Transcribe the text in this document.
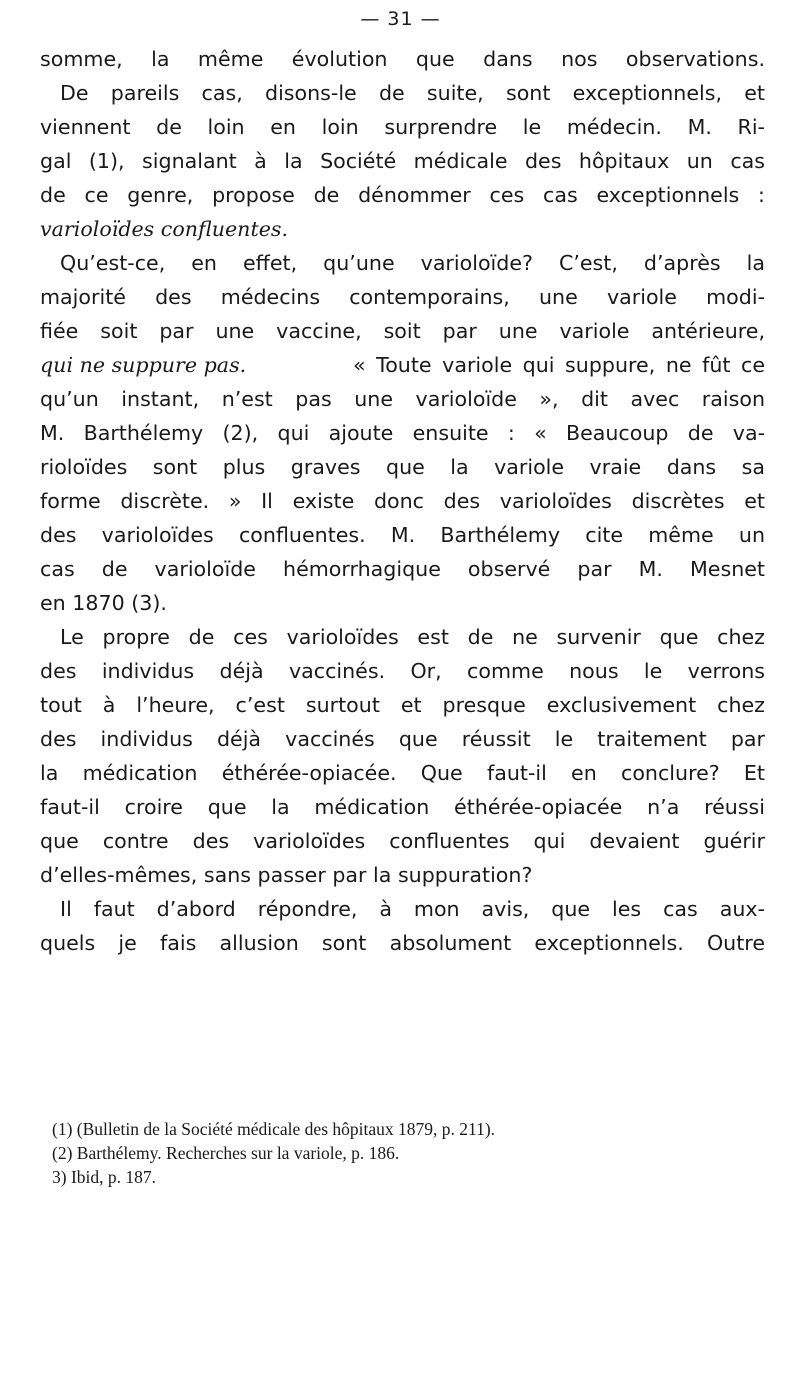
— 31 —
somme, la même évolution que dans nos observations.
De pareils cas, disons-le de suite, sont exceptionnels, et
viennent de loin en loin surprendre le médecin. M. Ri-
gal (1), signalant à la Société médicale des hôpitaux un cas
de ce genre, propose de dénommer ces cas exceptionnels :
varioloïdes confluentes.
Qu’est-ce, en effet, qu’une varioloïde? C’est, d’après la
majorité des médecins contemporains, une variole modi-
fiée soit par une vaccine, soit par une variole antérieure,
qui ne suppure pas.	« Toute variole qui suppure, ne fût ce
qu’un instant, n’est pas une varioloïde », dit avec raison
M. Barthélemy (2), qui ajoute ensuite : « Beaucoup de va-
rioloïdes sont plus graves que la variole vraie dans sa
forme discrète. » Il existe donc des varioloïdes discrètes et
des varioloïdes confluentes. M. Barthélemy cite même un
cas de varioloïde hémorrhagique observé par M. Mesnet
en 1870 (3).
Le propre de ces varioloïdes est de ne survenir que chez
des individus déjà vaccinés. Or, comme nous le verrons
tout à l’heure, c’est surtout et presque exclusivement chez
des individus déjà vaccinés que réussit le traitement par
la médication éthérée-opiacée. Que faut-il en conclure? Et
faut-il croire que la médication éthérée-opiacée n’a réussi
que contre des varioloïdes confluentes qui devaient guérir
d’elles-mêmes, sans passer par la suppuration?
Il faut d’abord répondre, à mon avis, que les cas aux-
quels je fais allusion sont absolument exceptionnels. Outre
(1) (Bulletin de la Société médicale des hôpitaux 1879, p. 211).
(2) Barthélemy. Recherches sur la variole, p. 186.
3) Ibid, p. 187.
